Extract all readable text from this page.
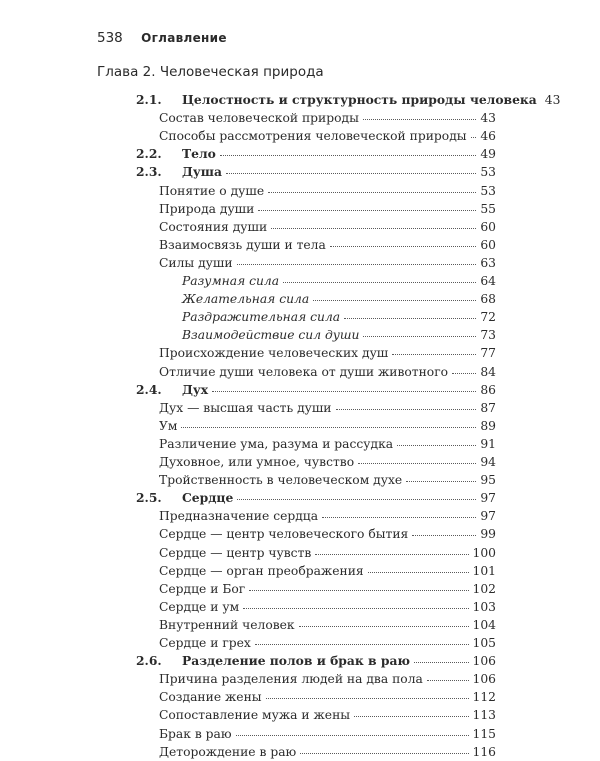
538 Оглавление
Глава 2. Человеческая природа
2.1.	Целостность и структурность природы человека 43
Состав человеческой природы	43
Способы рассмотрения человеческой природы 46
2.2.	Тело	49
2.3.	Душа	53
Понятие о душе	53
Природа души	55
Состояния души	60
Взаимосвязь души и тела	60
Силы души	63
Разумная сила	64
Желательная сила	68
Раздражительная сила	72
Взаимодействие сил души	73
Происхождение человеческих душ	77
Отличие души человека от души животного	84
2.4.	Дух	86
Дух — высшая часть души	87
Ум	89
Различение ума, разума и рассудка	91
Духовное, или умное, чувство	94
Тройственность в человеческом духе	95
2.5.	Сердце	97
Предназначение сердца	97
Сердце — центр человеческого бытия	99
Сердце — центр чувств	100
Сердце — орган преображения	101
Сердце и Бог	102
Сердце и ум	103
Внутренний человек	104
Сердце и грех	105
2.6.	Разделение полов и брак в раю	106
Причина разделения людей на два пола	106
Создание жены	112
Сопоставление мужа и жены	113
Брак в раю	115
Деторождение в раю	116
